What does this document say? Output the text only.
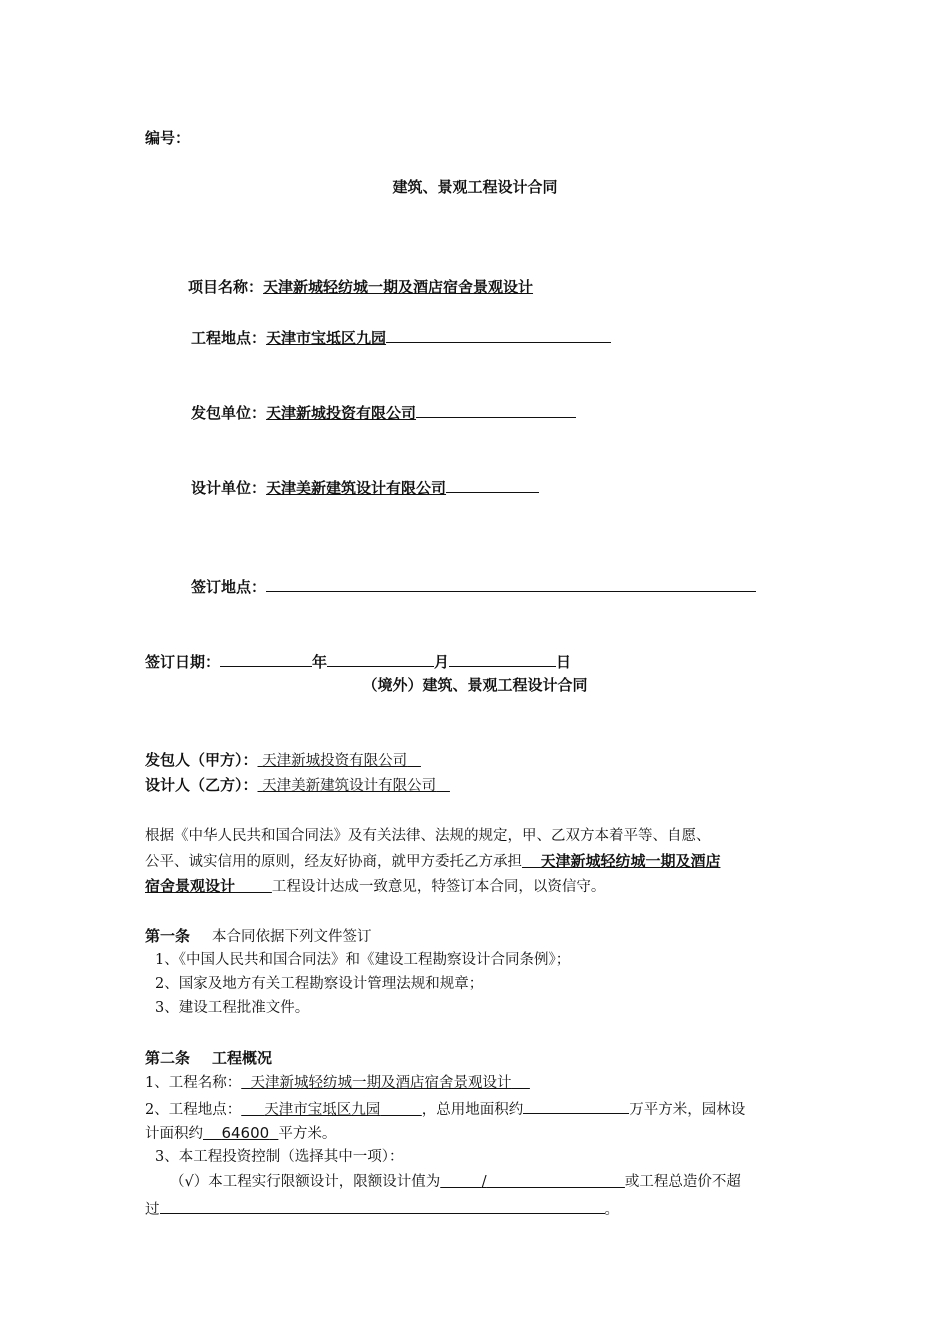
编号：
建筑、景观工程设计合同
项目名称：天津新城轻纺城一期及酒店宿舍景观设计
工程地点：天津市宝坻区九园
发包单位：天津新城投资有限公司
设计单位：天津美新建筑设计有限公司
签订地点：
签订日期：	年	月	日
（境外）建筑、景观工程设计合同
发包人（甲方）： 天津新城投资有限公司
设计人（乙方）： 天津美新建筑设计有限公司
根据《中华人民共和国合同法》及有关法律、法规的规定，甲、乙双方本着平等、自愿、
公平、诚实信用的原则，经友好协商，就甲方委托乙方承担 天津新城轻纺城一期及酒店
宿舍景观设计	工程设计达成一致意见，特签订本合同，以资信守。
第一条 本合同依据下列文件签订
1、《中国人民共和国合同法》和《建设工程勘察设计合同条例》；
2、国家及地方有关工程勘察设计管理法规和规章；
3、建设工程批准文件。
第二条 工程概况
1、工程名称： 天津新城轻纺城一期及酒店宿舍景观设计
2、工程地点： 天津市宝坻区九园	，总用地面积约	万平方米，园林设
计面积约 64600 平方米。
3、本工程投资控制（选择其中一项）：
（√）本工程实行限额设计，限额设计值为	/	或工程总造价不超
过	。
